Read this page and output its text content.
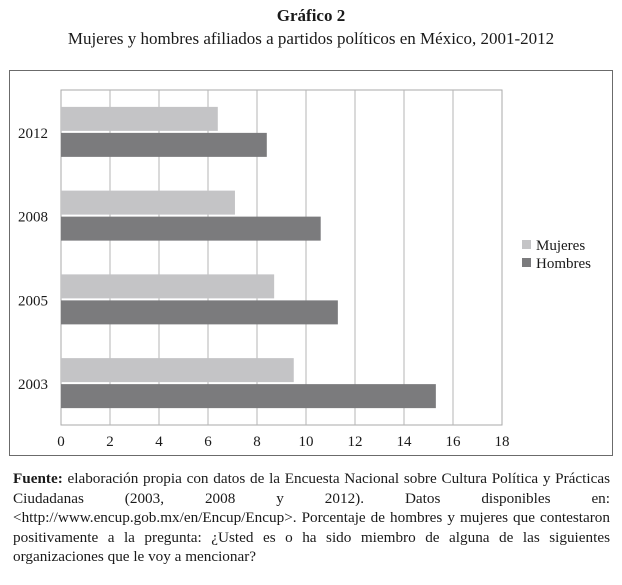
Gráfico 2
Mujeres y hombres afiliados a partidos políticos en México, 2001-2012
0	2	4	6	8	10 12 14 16 18
2012
2008
2005
2003
Mujeres
Hombres
Fuente: elaboración propia con datos de la Encuesta Nacional sobre Cultura Política y Prácticas Ciudadanas (2003, 2008 y 2012). Datos disponibles en: <http://www.encup.gob.mx/en/Encup/Encup>. Porcentaje de hombres y mujeres que contestaron positivamente a la pregunta: ¿Usted es o ha sido miembro de alguna de las siguientes organizaciones que le voy a mencionar?
